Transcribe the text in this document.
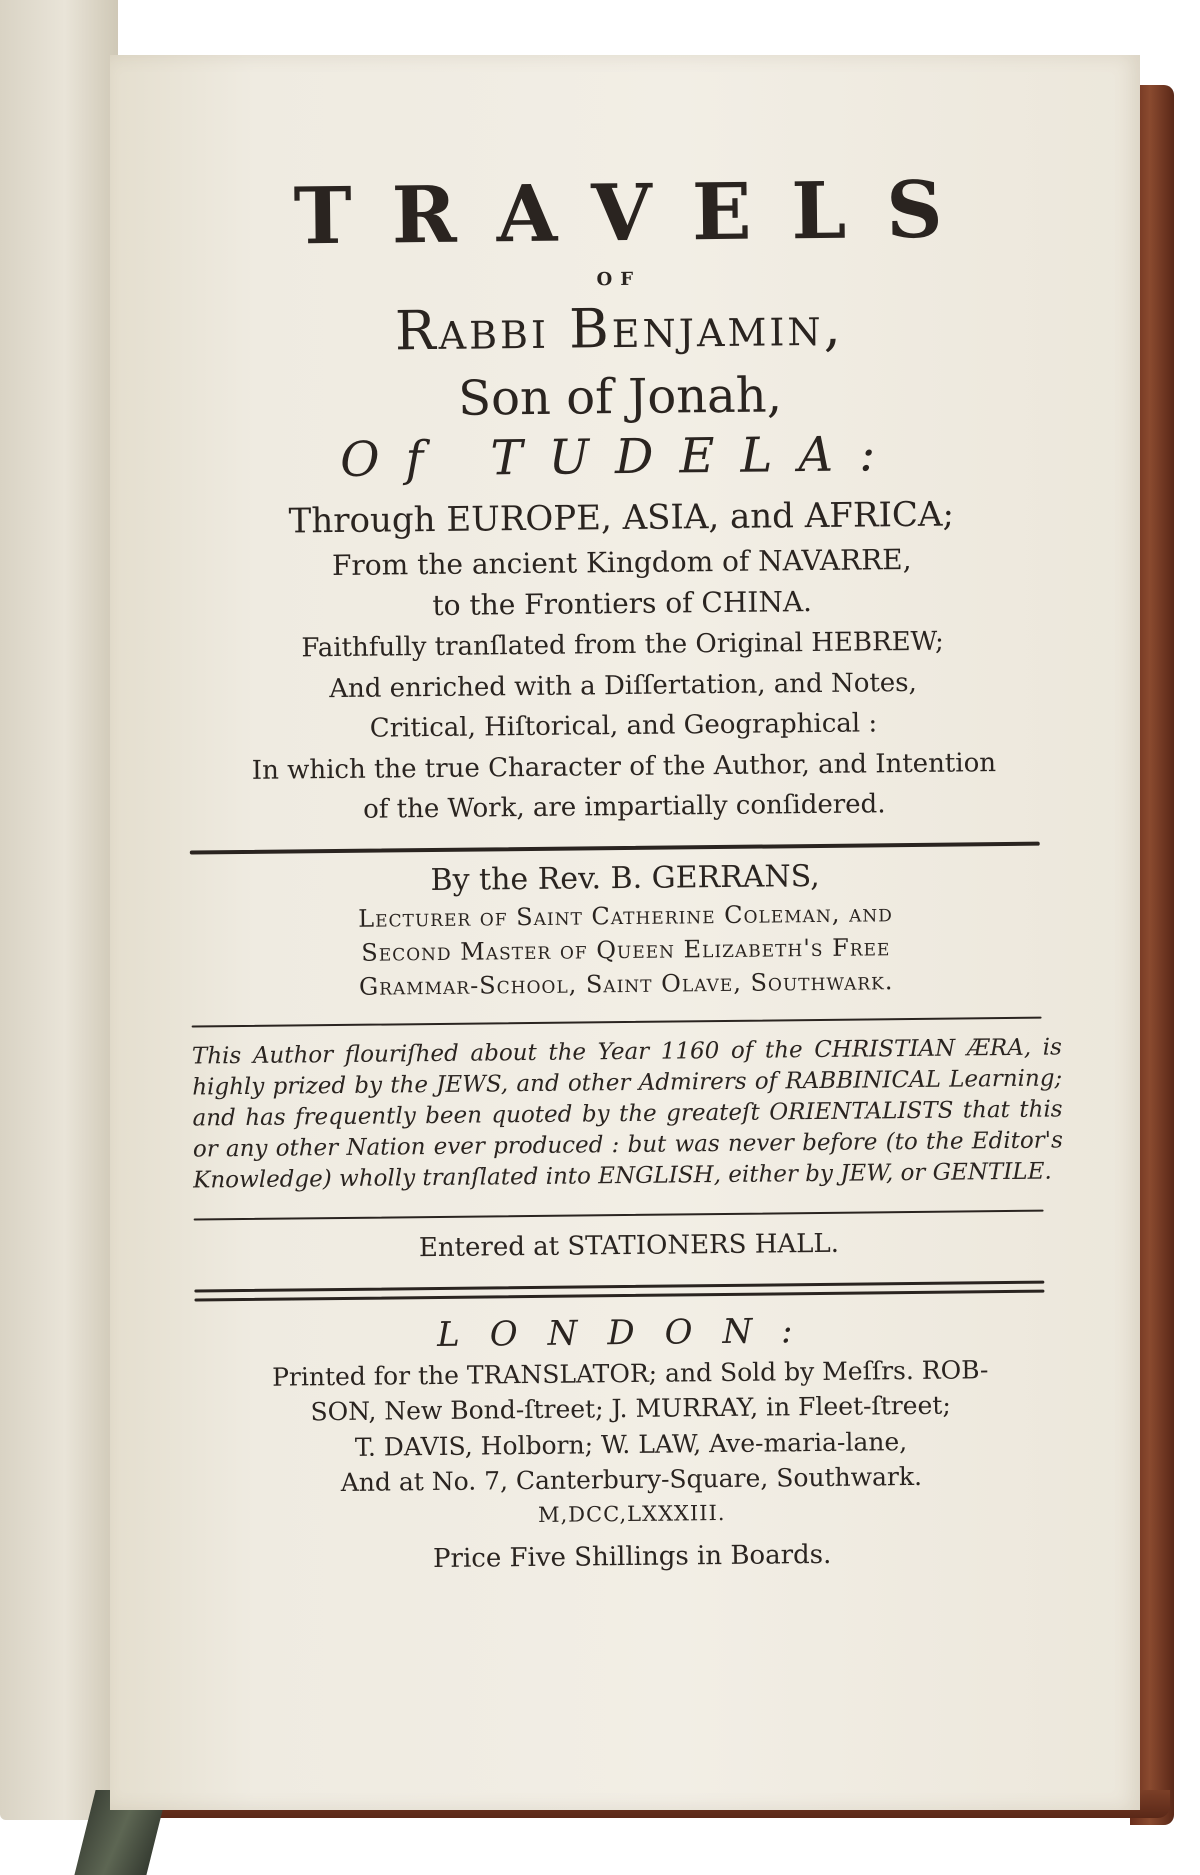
TRAVELS

OF

Rabbi Benjamin,

Son of Jonah,

Of TUDELA:

Through EUROPE, ASIA, and AFRICA;

From the ancient Kingdom of NAVARRE,

to the Frontiers of CHINA.

Faithfully tranſlated from the Original HEBREW;

And enriched with a Diſſertation, and Notes,

Critical, Hiſtorical, and Geographical :

In which the true Character of the Author, and Intention

of the Work, are impartially conſidered.

By the Rev. B. GERRANS,

Lecturer of Saint Catherine Coleman, and

Second Maſter of Queen Elizabeth's Free

Grammar-School, Saint Olave, Southwark.

This Author flouriſhed about the Year 1160 of the CHRISTIAN ÆRA, is highly prized by the JEWS, and other Admirers of RABBINICAL Learning; and has frequently been quoted by the greateſt ORIENTALISTS that this or any other Nation ever produced : but was never before (to the Editor's Knowledge) wholly tranſlated into ENGLISH, either by JEW, or GENTILE.

Entered at STATIONERS HALL.

LONDON:

Printed for the TRANSLATOR; and Sold by Meſſrs. ROB-

SON, New Bond-ſtreet; J. MURRAY, in Fleet-ſtreet;

T. DAVIS, Holborn; W. LAW, Ave-maria-lane,

And at No. 7, Canterbury-Square, Southwark.

M,DCC,LXXXIII.

Price Five Shillings in Boards.
